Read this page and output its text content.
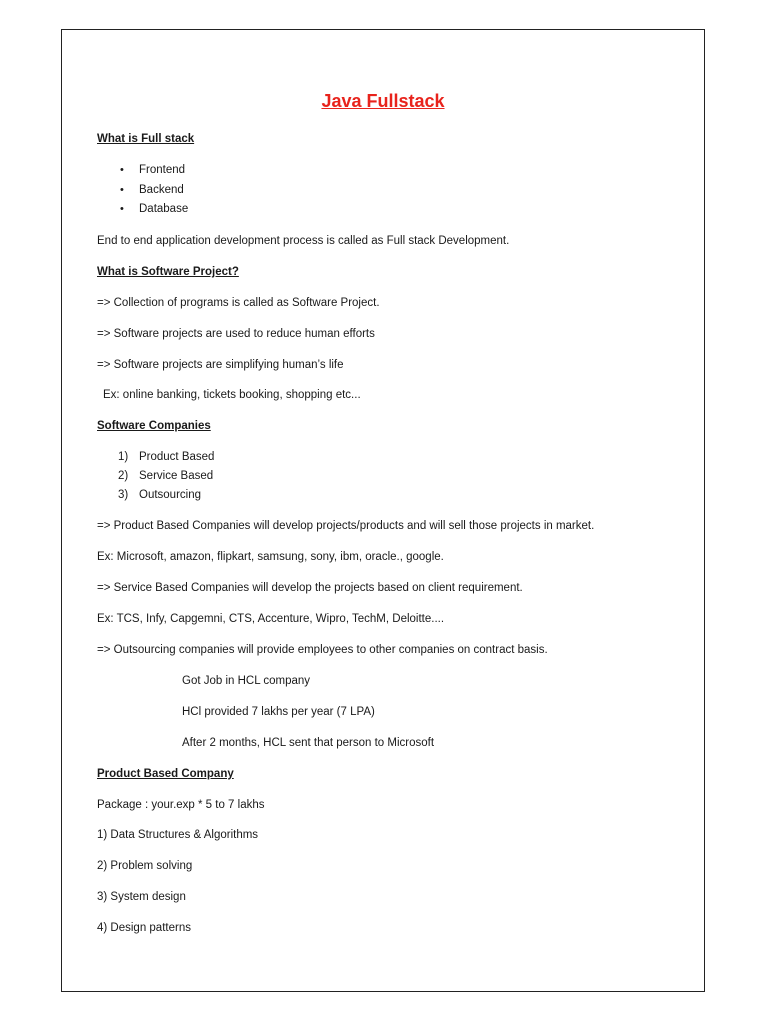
Java Fullstack
What is Full stack
• Frontend
• Backend
• Database
End to end application development process is called as Full stack Development.
What is Software Project?
=> Collection of programs is called as Software Project.
=> Software projects are used to reduce human efforts
=> Software projects are simplifying human’s life
Ex: online banking, tickets booking, shopping etc...
Software Companies
1) Product Based
2) Service Based
3) Outsourcing
=> Product Based Companies will develop projects/products and will sell those projects in market.
Ex: Microsoft, amazon, flipkart, samsung, sony, ibm, oracle., google.
=> Service Based Companies will develop the projects based on client requirement.
Ex: TCS, Infy, Capgemni, CTS, Accenture, Wipro, TechM, Deloitte....
=> Outsourcing companies will provide employees to other companies on contract basis.
Got Job in HCL company
HCl provided 7 lakhs per year (7 LPA)
After 2 months, HCL sent that person to Microsoft
Product Based Company
Package : your.exp * 5 to 7 lakhs
1) Data Structures & Algorithms
2) Problem solving
3) System design
4) Design patterns
